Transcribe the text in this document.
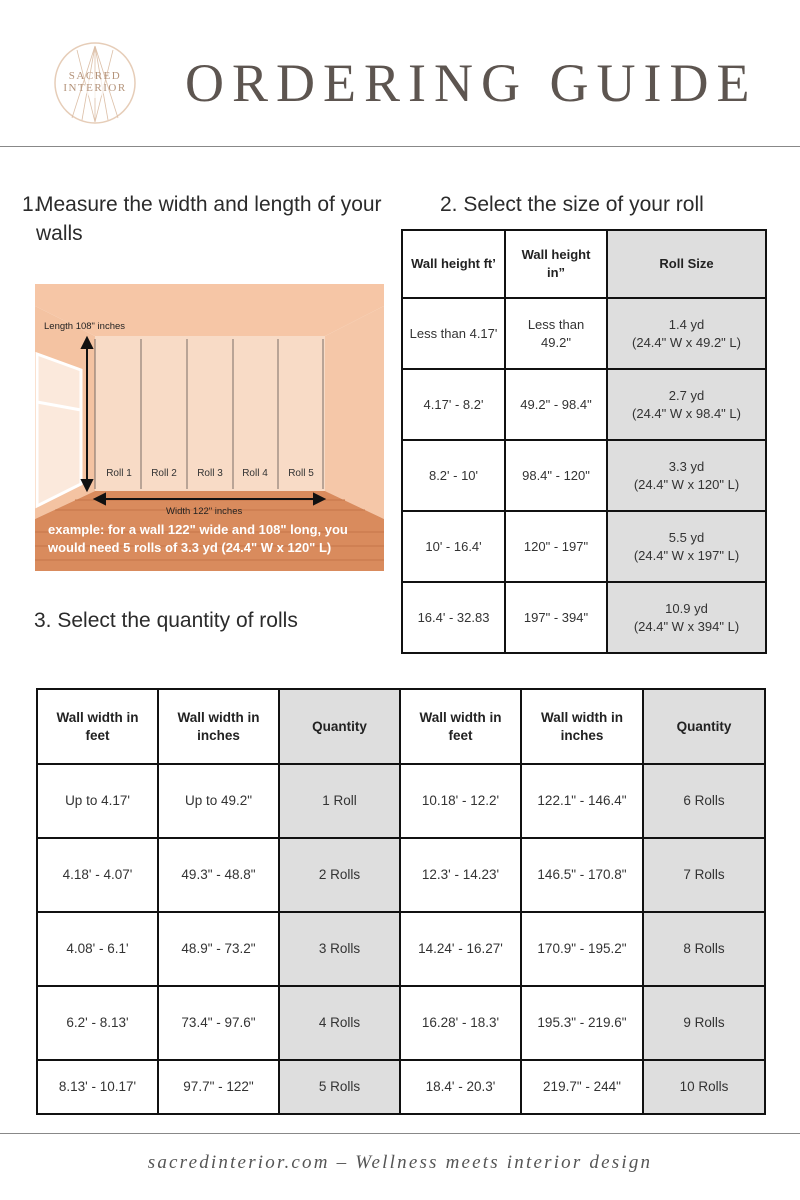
SACRED
INTERIOR ORDERING GUIDE
1.
Measure the width and length of your walls
2. Select the size of your roll
3. Select the quantity of rolls
Length 108" inches
Width 122" inches
Roll 1	Roll 2	Roll 3	Roll 4	Roll 5
example: for a wall 122" wide and 108" long, you would need 5 rolls of 3.3 yd (24.4" W x 120" L)
Wall height ft’	Wall height in”	Roll Size
Less than 4.17'	Less than 49.2"	1.4 yd
(24.4" W x 49.2" L)

4.17' - 8.2'	49.2" - 98.4"	2.7 yd
(24.4" W x 98.4" L)

8.2' - 10'	98.4" - 120"	3.3 yd
(24.4" W x 120" L)

10' - 16.4'	120" - 197"	5.5 yd
(24.4" W x 197" L)

16.4' - 32.83	197" - 394"	10.9 yd
(24.4" W x 394" L)
Wall width in feet	Wall width in inches	Quantity	Wall width in feet	Wall width in inches	Quantity
Up to 4.17'	Up to 49.2"	1 Roll	10.18' - 12.2'	122.1" - 146.4"	6 Rolls
4.18' - 4.07'	49.3" - 48.8"	2 Rolls	12.3' - 14.23'	146.5" - 170.8"	7 Rolls
4.08' - 6.1'	48.9" - 73.2"	3 Rolls	14.24' - 16.27'	170.9" - 195.2"	8 Rolls
6.2' - 8.13'	73.4" - 97.6"	4 Rolls	16.28' - 18.3'	195.3" - 219.6"	9 Rolls
8.13' - 10.17'	97.7" - 122"	5 Rolls	18.4' - 20.3'	219.7" - 244"	10 Rolls
sacredinterior.com – Wellness meets interior design
